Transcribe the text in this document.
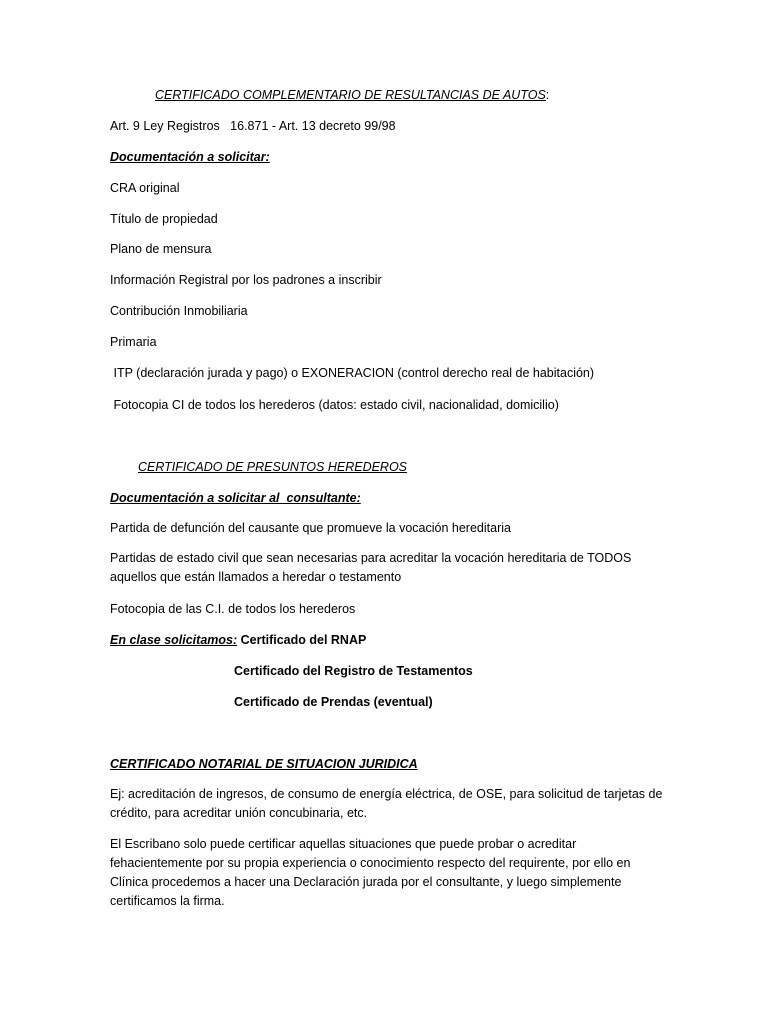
CERTIFICADO COMPLEMENTARIO DE RESULTANCIAS DE AUTOS:
Art. 9 Ley Registros   16.871 - Art. 13 decreto 99/98
Documentación a solicitar:
CRA original
Título de propiedad
Plano de mensura
Información Registral por los padrones a inscribir
Contribución Inmobiliaria
Primaria
ITP (declaración jurada y pago) o EXONERACION (control derecho real de habitación)
Fotocopia CI de todos los herederos (datos: estado civil, nacionalidad, domicilio)
CERTIFICADO DE PRESUNTOS HEREDEROS
Documentación a solicitar al  consultante:
Partida de defunción del causante que promueve la vocación hereditaria
Partidas de estado civil que sean necesarias para acreditar la vocación hereditaria de TODOS aquellos que están llamados a heredar o testamento
Fotocopia de las C.I. de todos los herederos
En clase solicitamos: Certificado del RNAP
Certificado del Registro de Testamentos
Certificado de Prendas (eventual)
CERTIFICADO NOTARIAL DE SITUACION JURIDICA
Ej: acreditación de ingresos, de consumo de energía eléctrica, de OSE, para solicitud de tarjetas de crédito, para acreditar unión concubinaria, etc.
El Escribano solo puede certificar aquellas situaciones que puede probar o acreditar fehacientemente por su propia experiencia o conocimiento respecto del requirente, por ello en Clínica procedemos a hacer una Declaración jurada por el consultante, y luego simplemente certificamos la firma.
